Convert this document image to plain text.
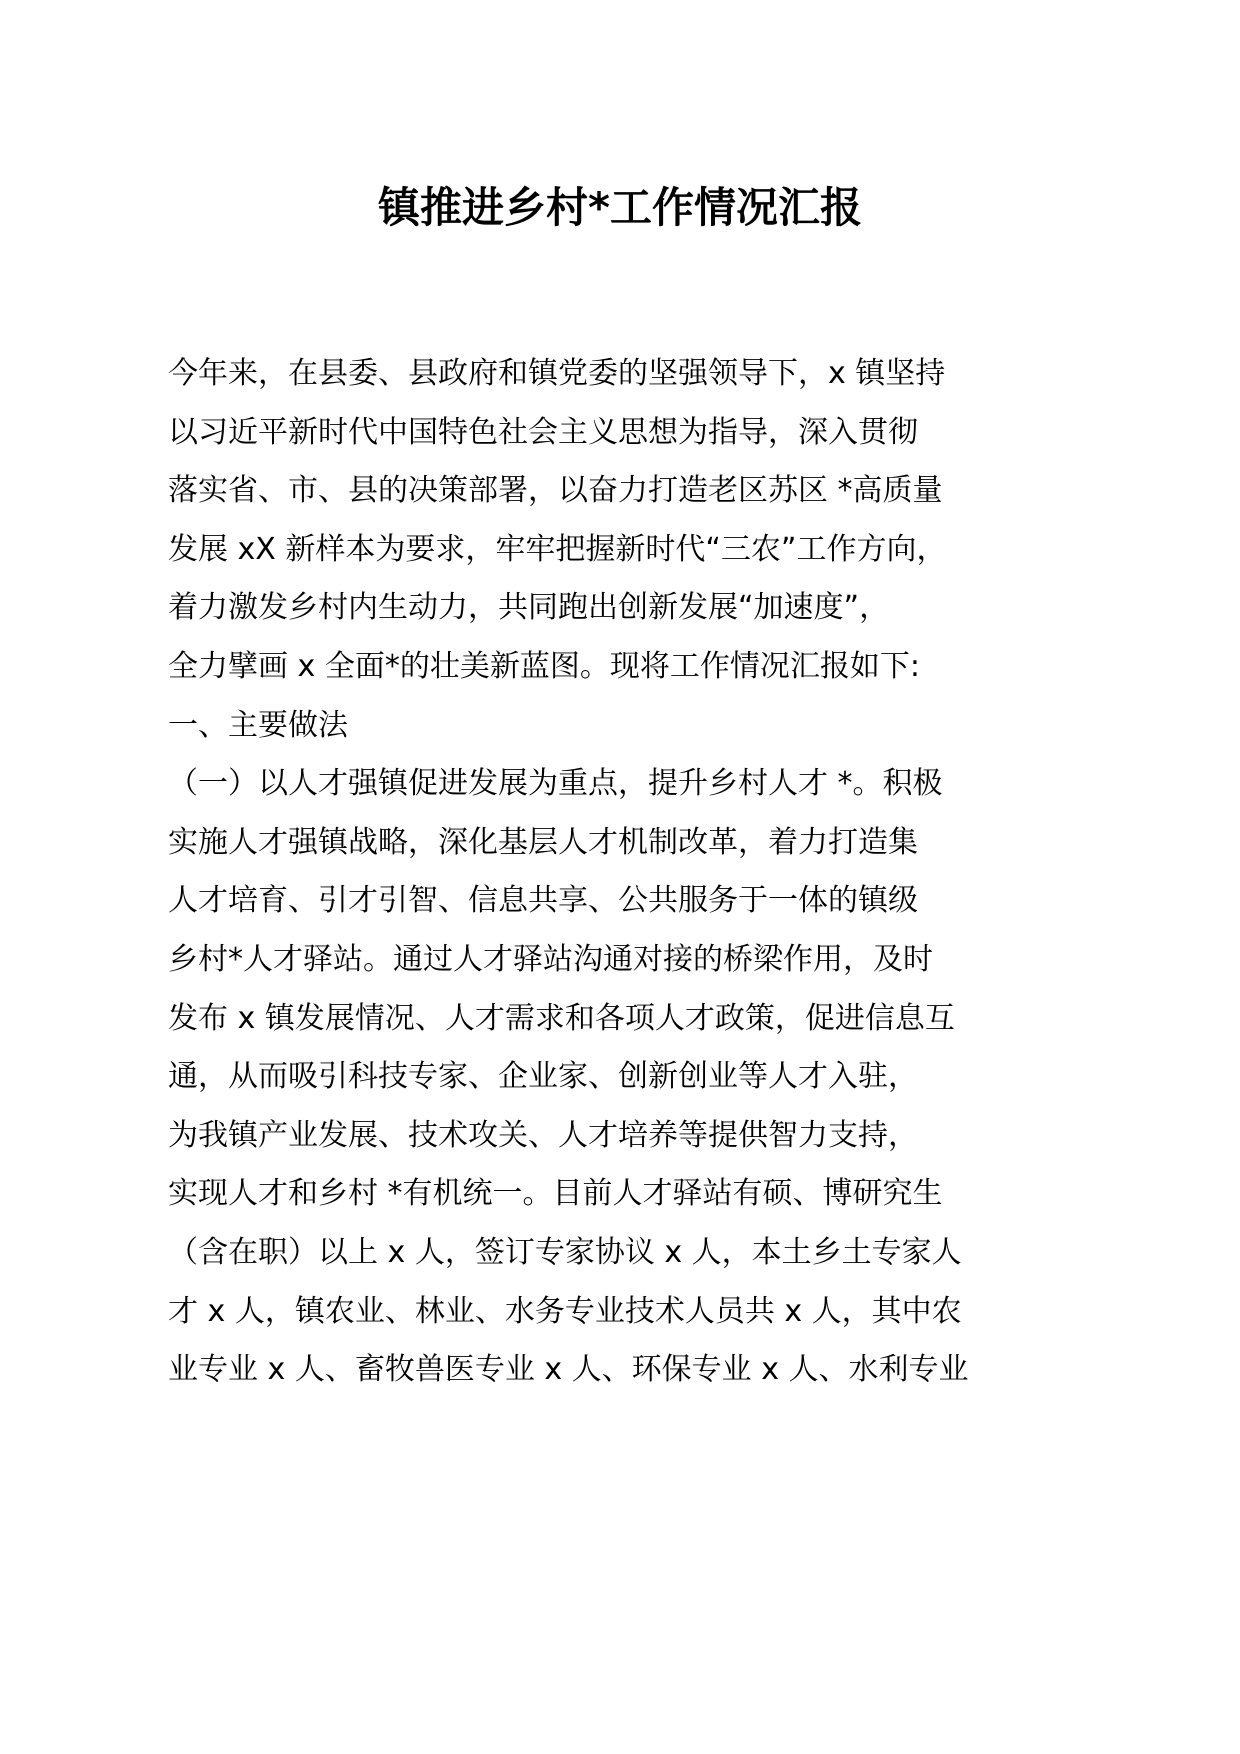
镇推进乡村*工作情况汇报
今年来，在县委、县政府和镇党委的坚强领导下，x 镇坚持
以习近平新时代中国特色社会主义思想为指导，深入贯彻
落实省、市、县的决策部署，以奋力打造老区苏区 *高质量
发展 xX 新样本为要求，牢牢把握新时代“三农”工作方向，
着力激发乡村内生动力，共同跑出创新发展“加速度”，
全力擘画 x 全面*的壮美新蓝图。现将工作情况汇报如下:
一、主要做法
（一）以人才强镇促进发展为重点，提升乡村人才 *。积极
实施人才强镇战略，深化基层人才机制改革，着力打造集
人才培育、引才引智、信息共享、公共服务于一体的镇级
乡村*人才驿站。通过人才驿站沟通对接的桥梁作用，及时
发布 x 镇发展情况、人才需求和各项人才政策，促进信息互
通，从而吸引科技专家、企业家、创新创业等人才入驻，
为我镇产业发展、技术攻关、人才培养等提供智力支持，
实现人才和乡村 *有机统一。目前人才驿站有硕、博研究生
（含在职）以上 x 人，签订专家协议 x 人，本土乡土专家人
才 x 人，镇农业、林业、水务专业技术人员共 x 人，其中农
业专业 x 人、畜牧兽医专业 x 人、环保专业 x 人、水利专业
